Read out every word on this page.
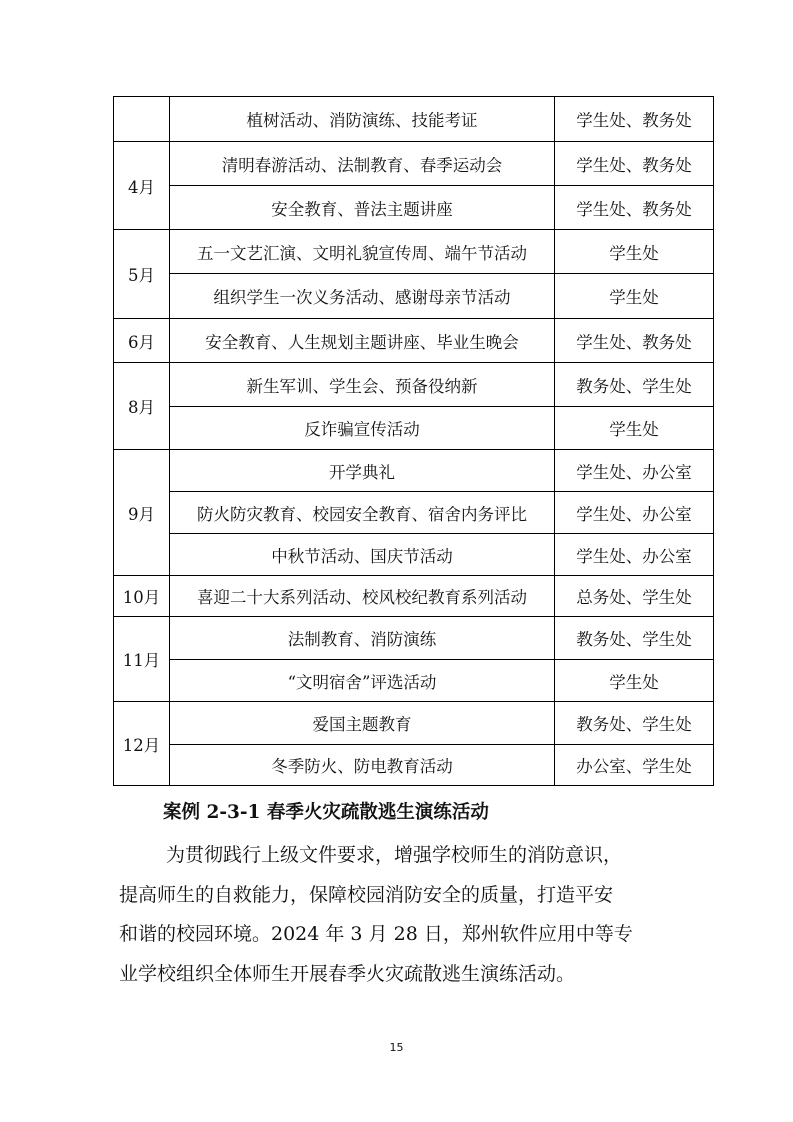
	植树活动、消防演练、技能考证	学生处、教务处
4月	清明春游活动、法制教育、春季运动会	学生处、教务处
	安全教育、普法主题讲座	学生处、教务处
5月	五一文艺汇演、文明礼貌宣传周、端午节活动	学生处
	组织学生一次义务活动、感谢母亲节活动	学生处
6月	安全教育、人生规划主题讲座、毕业生晚会	学生处、教务处
8月	新生军训、学生会、预备役纳新	教务处、学生处
	反诈骗宣传活动	学生处
9月	开学典礼	学生处、办公室
	防火防灾教育、校园安全教育、宿舍内务评比	学生处、办公室
	中秋节活动、国庆节活动	学生处、办公室
10月	喜迎二十大系列活动、校风校纪教育系列活动	总务处、学生处
11月	法制教育、消防演练	教务处、学生处
	“文明宿舍”评选活动	学生处
12月	爱国主题教育	教务处、学生处
	冬季防火、防电教育活动	办公室、学生处
案例 2-3-1 春季火灾疏散逃生演练活动
为贯彻践行上级文件要求，增强学校师生的消防意识，
提高师生的自救能力，保障校园消防安全的质量，打造平安
和谐的校园环境。2024 年 3 月 28 日，郑州软件应用中等专
业学校组织全体师生开展春季火灾疏散逃生演练活动。
15
